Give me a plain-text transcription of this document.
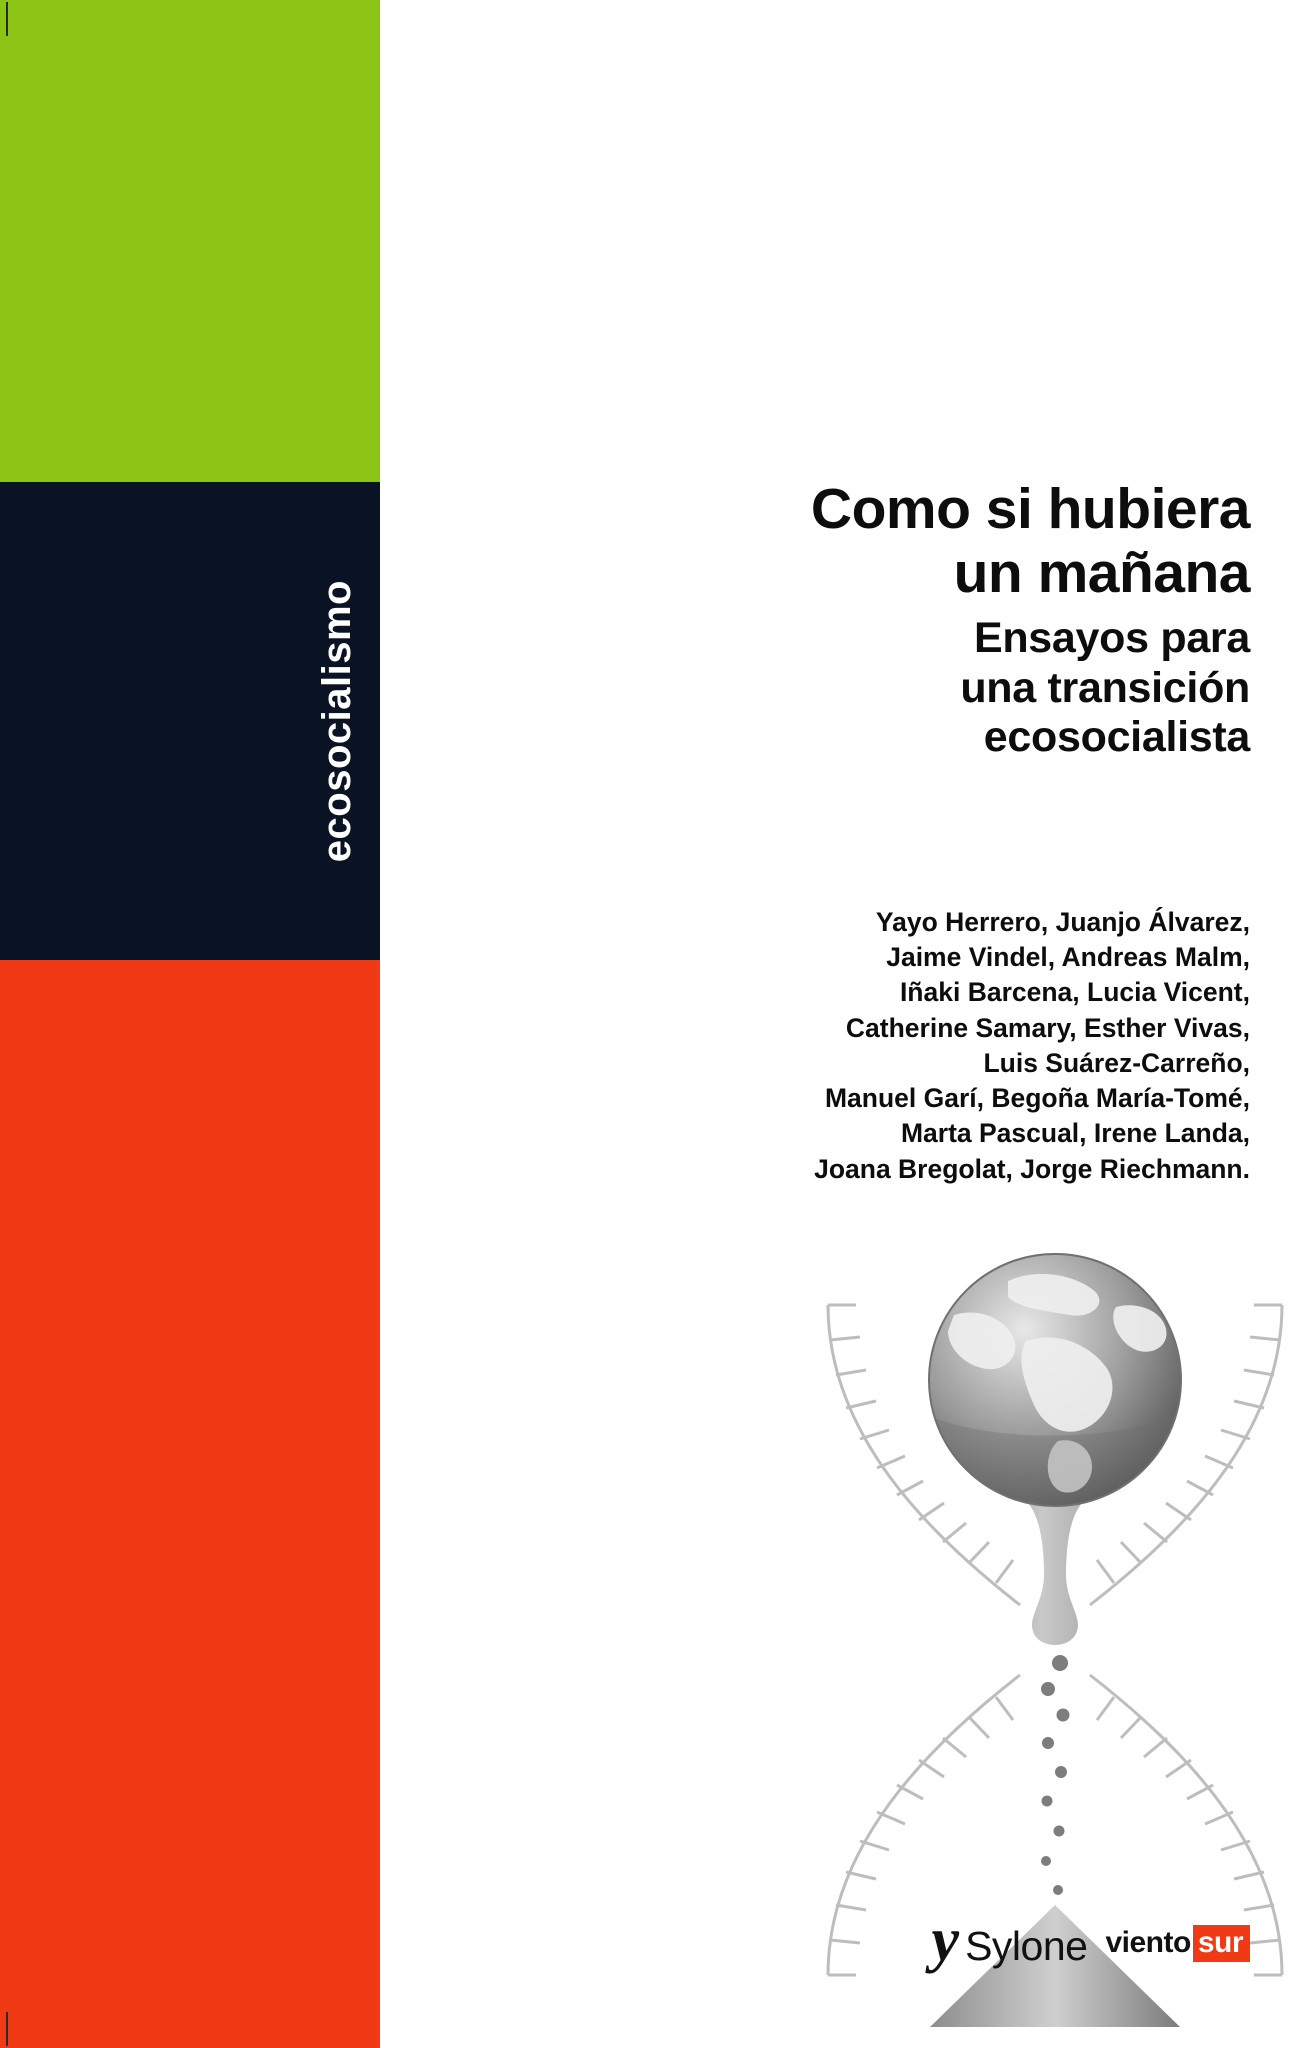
ecosocialismo
Como si hubiera
un mañana
Ensayos para
una transición
ecosocialista
Yayo Herrero, Juanjo Álvarez,
Jaime Vindel, Andreas Malm,
Iñaki Barcena, Lucia Vicent,
Catherine Samary, Esther Vivas,
Luis Suárez-Carreño,
Manuel Garí, Begoña María-Tomé,
Marta Pascual, Irene Landa,
Joana Bregolat, Jorge Riechmann.
y Sylone viento sur
